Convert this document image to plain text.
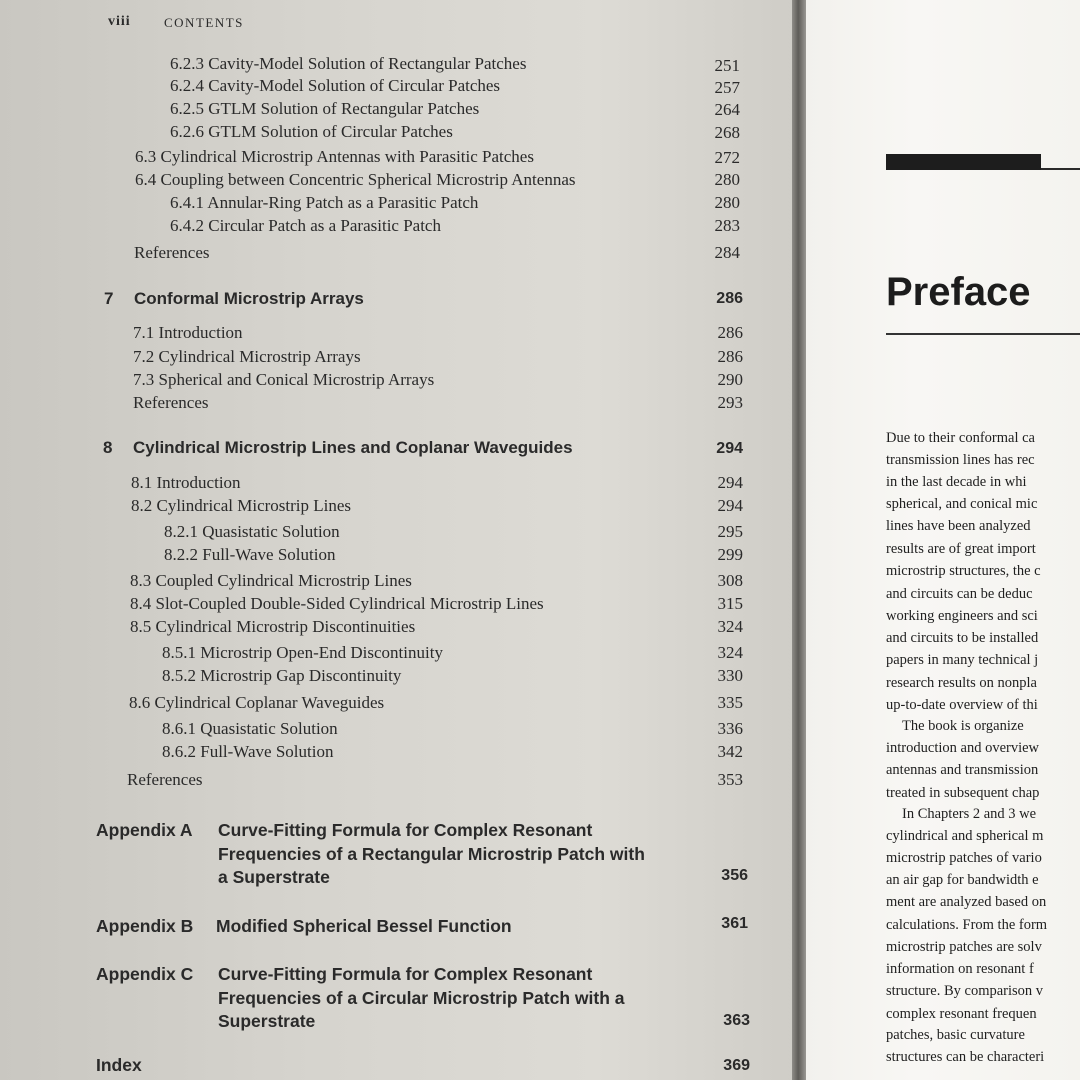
viii	CONTENTS
6.2.3 Cavity-Model Solution of Rectangular Patches	251
6.2.4 Cavity-Model Solution of Circular Patches	257
6.2.5 GTLM Solution of Rectangular Patches	264
6.2.6 GTLM Solution of Circular Patches	268
6.3 Cylindrical Microstrip Antennas with Parasitic Patches	272
6.4 Coupling between Concentric Spherical Microstrip Antennas	280
6.4.1 Annular-Ring Patch as a Parasitic Patch	280
6.4.2 Circular Patch as a Parasitic Patch	283
References	284
7 Conformal Microstrip Arrays	286
7.1 Introduction	286
7.2 Cylindrical Microstrip Arrays	286
7.3 Spherical and Conical Microstrip Arrays	290
References	293
8 Cylindrical Microstrip Lines and Coplanar Waveguides	294
8.1 Introduction	294
8.2 Cylindrical Microstrip Lines	294
8.2.1 Quasistatic Solution	295
8.2.2 Full-Wave Solution	299
8.3 Coupled Cylindrical Microstrip Lines	308
8.4 Slot-Coupled Double-Sided Cylindrical Microstrip Lines	315
8.5 Cylindrical Microstrip Discontinuities	324
8.5.1 Microstrip Open-End Discontinuity	324
8.5.2 Microstrip Gap Discontinuity	330
8.6 Cylindrical Coplanar Waveguides	335
8.6.1 Quasistatic Solution	336
8.6.2 Full-Wave Solution	342
References	353
Appendix A Curve-Fitting Formula for Complex Resonant
Frequencies of a Rectangular Microstrip Patch with
a Superstrate	356
Appendix B Modified Spherical Bessel Function	361
Appendix C Curve-Fitting Formula for Complex Resonant
Frequencies of a Circular Microstrip Patch with a
Superstrate	363
Index	369
Preface
Due to their conformal ca
transmission lines has rec
in the last decade in whi
spherical, and conical mic
lines have been analyzed
results are of great import
microstrip structures, the c
and circuits can be deduc
working engineers and sci
and circuits to be installed
papers in many technical j
research results on nonpla
up-to-date overview of thi
The book is organize
introduction and overview
antennas and transmission
treated in subsequent chap
In Chapters 2 and 3 we
cylindrical and spherical m
microstrip patches of vario
an air gap for bandwidth e
ment are analyzed based on
calculations. From the form
microstrip patches are solv
information on resonant f
structure. By comparison v
complex resonant frequen
patches, basic curvature
structures can be characteri
